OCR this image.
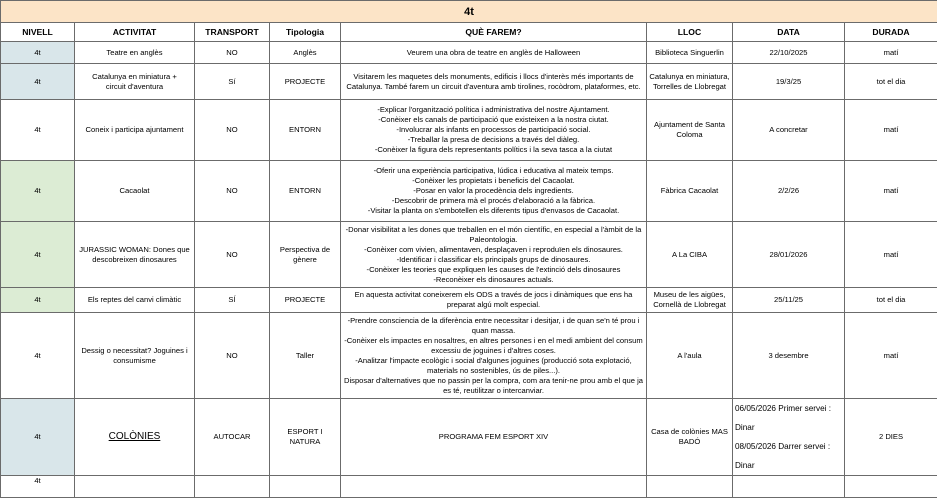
4t							
NIVELL	ACTIVITAT	TRANSPORT	Tipologia	QUÈ FAREM?	LLOC	DATA	DURADA
4t	Teatre en anglès	NO	Anglès	Veurem una obra de teatre en anglès de Halloween	Biblioteca Singuerlin	22/10/2025	matí
4t	Catalunya en miniatura +
circuit d'aventura	Sí	PROJECTE	Visitarem les maquetes dels monuments, edificis i llocs d'interès més importants de Catalunya. També farem un circuit d'aventura amb tirolines, rocòdrom, plataformes, etc.	Catalunya en miniatura, Torrelles de Llobregat	19/3/25	tot el dia
4t	Coneix i participa ajuntament	NO	ENTORN	-Explicar l'organització política i administrativa del nostre Ajuntament.
-Conèixer els canals de participació que existeixen a la nostra ciutat.
-Involucrar als infants en processos de participació social.
-Treballar la presa de decisions a través del diàleg.
-Conèixer la figura dels representants polítics i la seva tasca a la ciutat	Ajuntament de Santa Coloma	A concretar	matí
4t	Cacaolat	NO	ENTORN	-Oferir una experiència participativa, lúdica i educativa al mateix temps.
-Conèixer les propietats i beneficis del Cacaolat.
-Posar en valor la procedència dels ingredients.
-Descobrir de primera mà el procés d'elaboració a la fàbrica.
-Visitar la planta on s'embotellen els diferents tipus d'envasos de Cacaolat.	Fàbrica Cacaolat	2/2/26	matí
4t	JURASSIC WOMAN: Dones que descobreixen dinosaures	NO	Perspectiva de gènere	-Donar visibilitat a les dones que treballen en el món científic, en especial a l'àmbit de la Paleontologia.
-Conèixer com vivien, alimentaven, desplaçaven i reproduïen els dinosaures.
-Identificar i classificar els principals grups de dinosaures.
-Conèixer les teories que expliquen les causes de l'extinció dels dinosaures
-Reconèixer els dinosaures actuals.	A La CIBA	28/01/2026	matí
4t	Els reptes del canvi climàtic	SÍ	PROJECTE	En aquesta activitat coneixerem els ODS a través de jocs i dinàmiques que ens ha preparat algú molt especial.	Museu de les aigües, Cornellà de Llobregat	25/11/25	tot el dia
4t	Dessig o necessitat? Joguines i consumisme	NO	Taller	-Prendre consciencia de la diferència entre necessitar i desitjar, i de quan se'n té prou i quan massa.
-Conèixer els impactes en nosaltres, en altres persones i en el medi ambient del consum excessiu de joguines i d'altres coses.
-Analitzar l'impacte ecològic i social d'algunes joguines (producció sota explotació, materials no sostenibles, ús de piles...).
Disposar d'alternatives que no passin per la compra, com ara tenir-ne prou amb el que ja es té, reutilitzar o intercanviar.	A l'aula	3 desembre	matí
4t	COLÒNIES	AUTOCAR	ESPORT I NATURA	PROGRAMA FEM ESPORT XIV	Casa de colònies MAS BADÓ	06/05/2026 Primer servei : Dinar
08/05/2026 Darrer servei : Dinar	2 DIES
4t							
